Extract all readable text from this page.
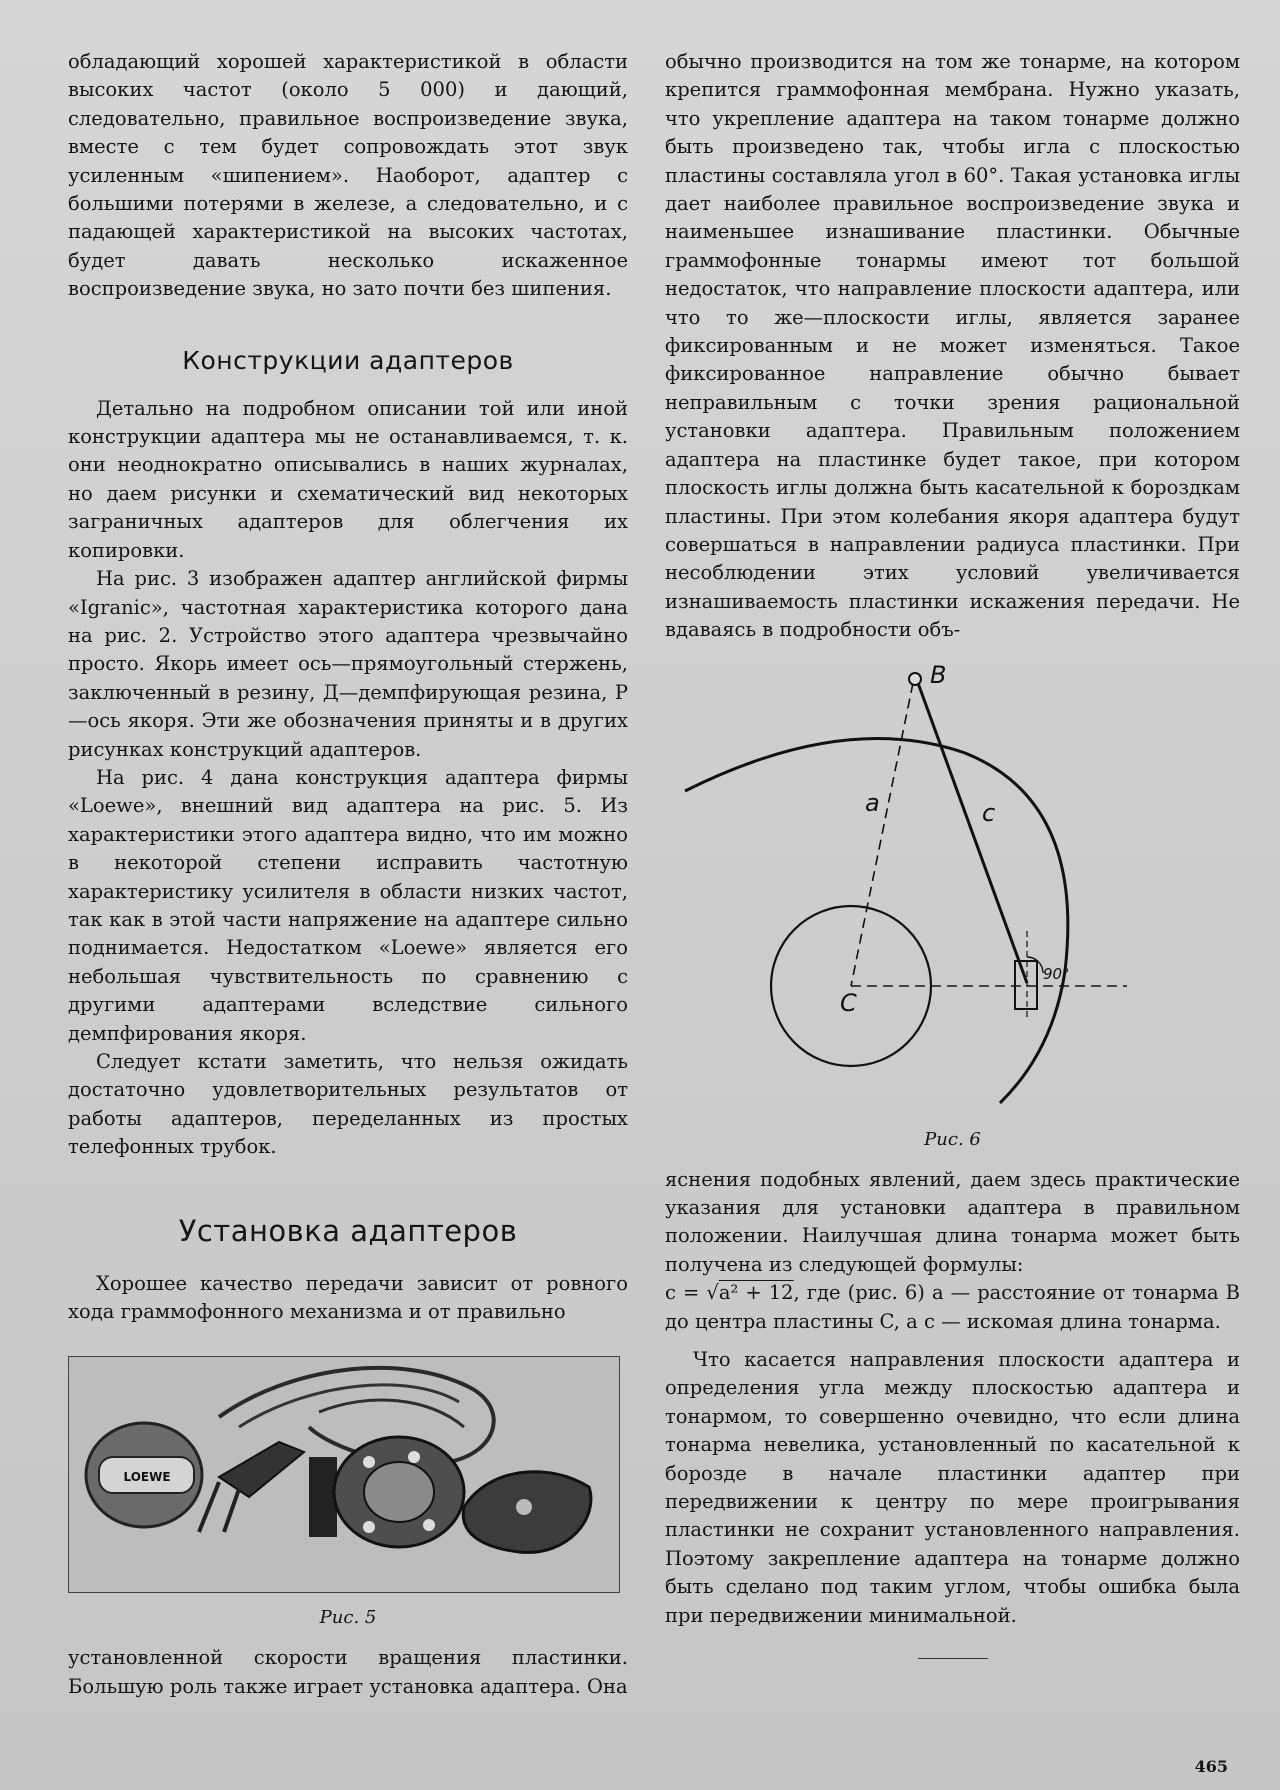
обладающий хорошей характеристикой в области высоких частот (около 5 000) и дающий, следовательно, правильное воспроизведение звука, вместе с тем будет сопровождать этот звук усиленным «шипением». Наоборот, адаптер с большими потерями в железе, а следовательно, и с падающей характеристикой на высоких частотах, будет давать несколько искаженное воспроизведение звука, но зато почти без шипения.

Конструкции адаптеров

Детально на подробном описании той или иной конструкции адаптера мы не останавливаемся, т. к. они неоднократно описывались в наших журналах, но даем рисунки и схематический вид некоторых заграничных адаптеров для облегчения их копировки.

На рис. 3 изображен адаптер английской фирмы «Igranic», частотная характеристика которого дана на рис. 2. Устройство этого адаптера чрезвычайно просто. Якорь имеет ось—прямоугольный стержень, заключенный в резину, Д—демпфирующая резина, Р—ось якоря. Эти же обозначения приняты и в других рисунках конструкций адаптеров.

На рис. 4 дана конструкция адаптера фирмы «Loewe», внешний вид адаптера на рис. 5. Из характеристики этого адаптера видно, что им можно в некоторой степени исправить частотную характеристику усилителя в области низких частот, так как в этой части напряжение на адаптере сильно поднимается. Недостатком «Loewe» является его небольшая чувствительность по сравнению с другими адаптерами вследствие сильного демпфирования якоря.

Следует кстати заметить, что нельзя ожидать достаточно удовлетворительных результатов от работы адаптеров, переделанных из простых телефонных трубок.

Установка адаптеров

Хорошее качество передачи зависит от ровного хода граммофонного механизма и от правильно

LOEWE
Рис. 5

установленной скорости вращения пластинки. Большую роль также играет установка адаптера. Она

обычно производится на том же тонарме, на котором крепится граммофонная мембрана. Нужно указать, что укрепление адаптера на таком тонарме должно быть произведено так, чтобы игла с плоскостью пластины составляла угол в 60°. Такая установка иглы дает наиболее правильное воспроизведение звука и наименьшее изнашивание пластинки. Обычные граммофонные тонармы имеют тот большой недостаток, что направление плоскости адаптера, или что то же—плоскости иглы, является заранее фиксированным и не может изменяться. Такое фиксированное направление обычно бывает неправильным с точки зрения рациональной установки адаптера. Правильным положением адаптера на пластинке будет такое, при котором плоскость иглы должна быть касательной к бороздкам пластины. При этом колебания якоря адаптера будут совершаться в направлении радиуса пластинки. При несоблюдении этих условий увеличивается изнашиваемость пластинки искажения передачи. Не вдаваясь в подробности объ-

B
a	c
C
90°
Рис. 6

яснения подобных явлений, даем здесь практические указания для установки адаптера в правильном положении. Наилучшая длина тонарма может быть получена из следующей формулы:

c = √a² + 12, где (рис. 6) a — расстояние от тонарма B до центра пластины C, а c — искомая длина тонарма.

Что касается направления плоскости адаптера и определения угла между плоскостью адаптера и тонармом, то совершенно очевидно, что если длина тонарма невелика, установленный по касательной к борозде в начале пластинки адаптер при передвижении к центру по мере проигрывания пластинки не сохранит установленного направления. Поэтому закрепление адаптера на тонарме должно быть сделано под таким углом, чтобы ошибка была при передвижении минимальной.

465
